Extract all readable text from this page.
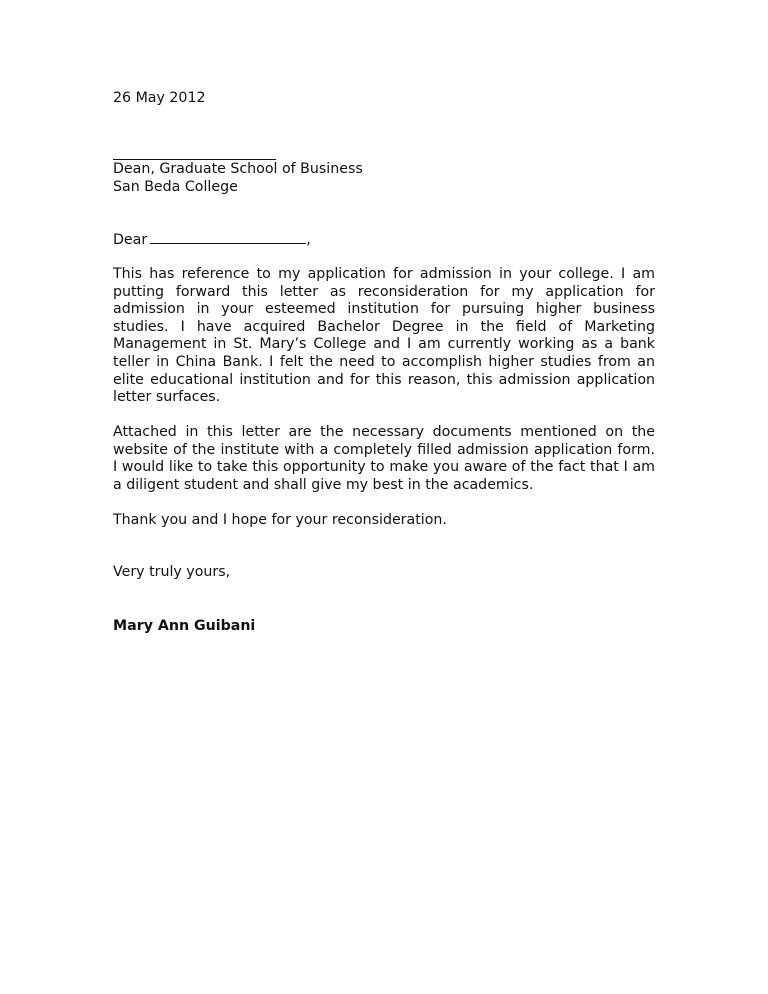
26 May 2012

Dean, Graduate School of Business
San Beda College

Dear	,

This has reference to my application for admission in your college. I am putting forward this letter as reconsideration for my application for admission in your esteemed institution for pursuing higher business studies. I have acquired Bachelor Degree in the field of Marketing Management in St. Mary’s College and I am currently working as a bank teller in China Bank. I felt the need to accomplish higher studies from an elite educational institution and for this reason, this admission application letter surfaces.

Attached in this letter are the necessary documents mentioned on the website of the institute with a completely filled admission application form. I would like to take this opportunity to make you aware of the fact that I am a diligent student and shall give my best in the academics.

Thank you and I hope for your reconsideration.

Very truly yours,

Mary Ann Guibani
